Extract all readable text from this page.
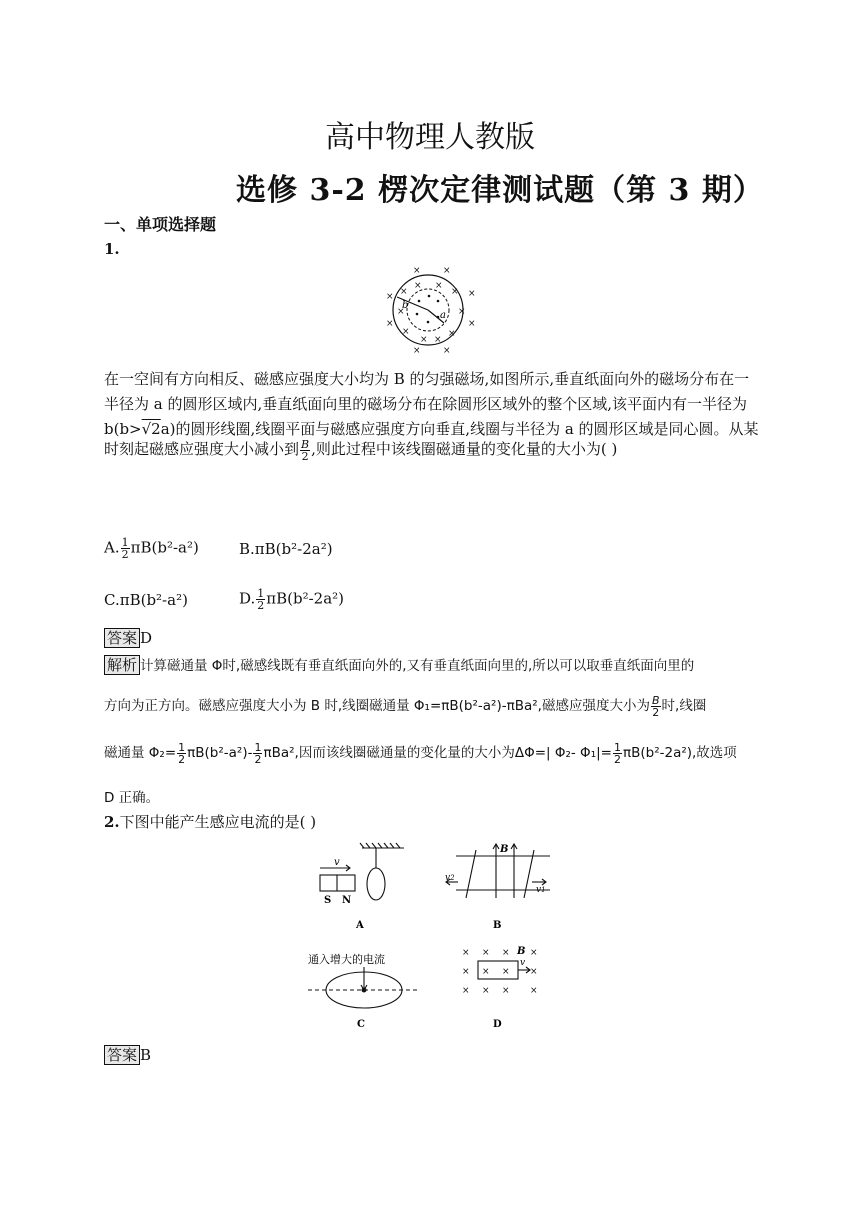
高中物理人教版
选修 3-2 楞次定律测试题（第 3 期）
一、单项选择题
1.
× ×
×	×
×	×
× ×
×
× ×
×
×	×
×	×
× ×
b
a
在一空间有方向相反、磁感应强度大小均为 B 的匀强磁场,如图所示,垂直纸面向外的磁场分布在一
半径为 a 的圆形区域内,垂直纸面向里的磁场分布在除圆形区域外的整个区域,该平面内有一半径为
b(b>√2a)的圆形线圈,线圈平面与磁感应强度方向垂直,线圈与半径为 a 的圆形区域是同心圆。从某
时刻起磁感应强度大小减小到 $\frac{B}{2}$ ,则此过程中该线圈磁通量的变化量的大小为( )
A. $\frac{1}{2} \pi B(b^2-a^2)$	B.πB(b²-2a²)
C.πB(b²-a²)	D. $\frac{1}{2} \pi B(b^2-2a^2)$
答案 D
解析 计算磁通量 Φ时,磁感线既有垂直纸面向外的,又有垂直纸面向里的,所以可以取垂直纸面向里的
方向为正方向。磁感应强度大小为 B 时,线圈磁通量 Φ₁=πB(b²-a²)-πBa²,磁感应强度大小为 $\frac{B}{2}$ 时,线圈
磁通量 $\Phi_2= \frac{1}{2} \pi B(b^2-a^2)- \frac{1}{2} \pi Ba^2$,因而该线圈磁通量的变化量的大小为ΔΦ=| Φ₂- $\Phi_1|= \frac{1}{2} \pi B(b^2-2a^2)$,故选项
D 正确。
2.下图中能产生感应电流的是( )
v
S N
A
B
v2
v1
B
通入增大的电流
C
× × × ×
× × × ×
× × × ×
v
B
D
答案 B
